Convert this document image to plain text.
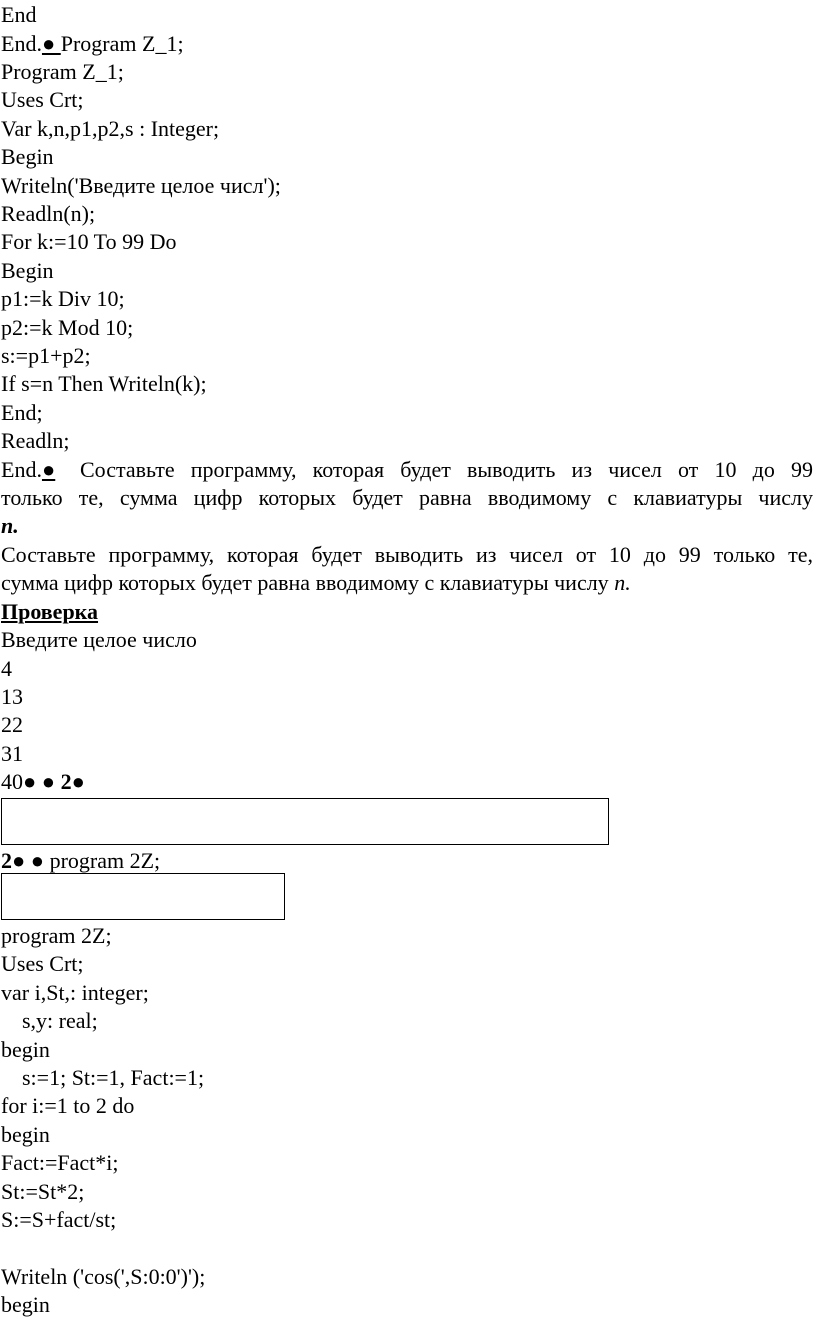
End
End.● Program Z_1;
Program Z_1;
Uses Crt;
Var k,n,p1,p2,s : Integer;
Begin
Writeln('Введите целое числ');
Readln(n);
For k:=10 To 99 Do
Begin
p1:=k Div 10;
p2:=k Mod 10;
s:=p1+p2;
If s=n Then Writeln(k);
End;
Readln;
End.● Составьте программу, которая будет выводить из чисел от 10 до 99
только те, сумма цифр которых будет равна вводимому с клавиатуры числу
n.
Составьте программу, которая будет выводить из чисел от 10 до 99 только те,
сумма цифр которых будет равна вводимому с клавиатуры числу n.
Проверка
Введите целое число
4
13
22
31
40● ● 2●
2● ● program 2Z;
program 2Z;
Uses Crt;
var i,St,: integer;
s,y: real;
begin
s:=1; St:=1, Fact:=1;
for i:=1 to 2 do
begin
Fact:=Fact*i;
St:=St*2;
S:=S+fact/st;
Writeln ('cos(',S:0:0')');
begin
